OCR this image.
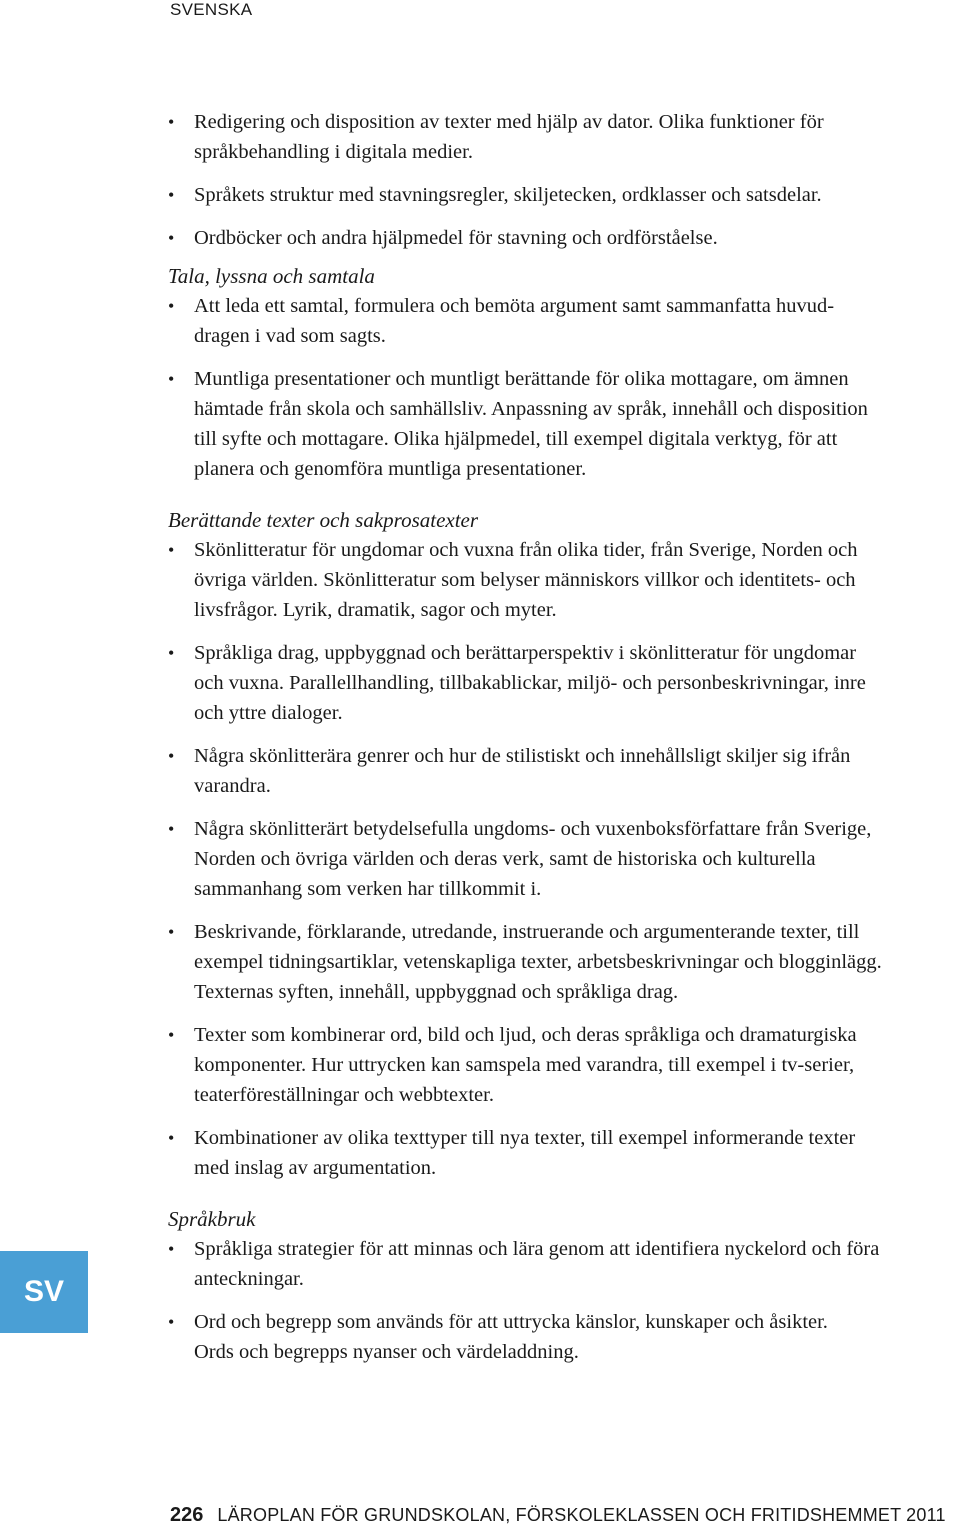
SVENSKA
• Redigering och disposition av texter med hjälp av dator. Olika funktioner för
språkbehandling i digitala medier.
• Språkets struktur med stavningsregler, skiljetecken, ordklasser och satsdelar.
• Ordböcker och andra hjälpmedel för stavning och ordförståelse.
Tala, lyssna och samtala
• Att leda ett samtal, formulera och bemöta argument samt sammanfatta huvud-
dragen i vad som sagts.
• Muntliga presentationer och muntligt berättande för olika mottagare, om ämnen
hämtade från skola och samhällsliv. Anpassning av språk, innehåll och disposition
till syfte och mottagare. Olika hjälpmedel, till exempel digitala verktyg, för att
planera och genomföra muntliga presentationer.
Berättande texter och sakprosatexter
• Skönlitteratur för ungdomar och vuxna från olika tider, från Sverige, Norden och
övriga världen. Skönlitteratur som belyser människors villkor och identitets- och
livsfrågor. Lyrik, dramatik, sagor och myter.
• Språkliga drag, uppbyggnad och berättarperspektiv i skönlitteratur för ungdomar
och vuxna. Parallellhandling, tillbakablickar, miljö- och personbeskrivningar, inre
och yttre dialoger.
• Några skönlitterära genrer och hur de stilistiskt och innehållsligt skiljer sig ifrån
varandra.
• Några skönlitterärt betydelsefulla ungdoms- och vuxenboksförfattare från Sverige,
Norden och övriga världen och deras verk, samt de historiska och kulturella
sammanhang som verken har tillkommit i.
• Beskrivande, förklarande, utredande, instruerande och argumenterande texter, till
exempel tidningsartiklar, vetenskapliga texter, arbetsbeskrivningar och blogginlägg.
Texternas syften, innehåll, uppbyggnad och språkliga drag.
• Texter som kombinerar ord, bild och ljud, och deras språkliga och dramaturgiska
komponenter. Hur uttrycken kan samspela med varandra, till exempel i tv-serier,
teaterföreställningar och webbtexter.
• Kombinationer av olika texttyper till nya texter, till exempel informerande texter
med inslag av argumentation.
Språkbruk
• Språkliga strategier för att minnas och lära genom att identifiera nyckelord och föra
anteckningar.
• Ord och begrepp som används för att uttrycka känslor, kunskaper och åsikter.
Ords och begrepps nyanser och värdeladdning.
SV
226 LÄROPLAN FÖR GRUNDSKOLAN, FÖRSKOLEKLASSEN OCH FRITIDSHEMMET 2011
